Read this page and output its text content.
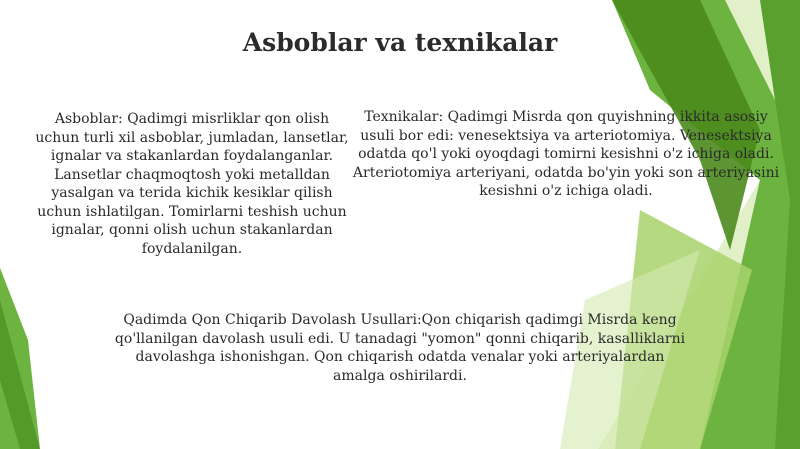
Asboblar va texnikalar
Asboblar: Qadimgi misrliklar qon olish uchun turli xil asboblar, jumladan, lansetlar, ignalar va stakanlardan foydalanganlar. Lansetlar chaqmoqtosh yoki metalldan yasalgan va terida kichik kesiklar qilish uchun ishlatilgan. Tomirlarni teshish uchun ignalar, qonni olish uchun stakanlardan foydalanilgan.
Texnikalar: Qadimgi Misrda qon quyishning ikkita asosiy usuli bor edi: venesektsiya va arteriotomiya. Venesektsiya odatda qo'l yoki oyoqdagi tomirni kesishni o'z ichiga oladi. Arteriotomiya arteriyani, odatda bo'yin yoki son arteriyasini kesishni o'z ichiga oladi.
Qadimda Qon Chiqarib Davolash Usullari:Qon chiqarish qadimgi Misrda keng qo'llanilgan davolash usuli edi. U tanadagi "yomon" qonni chiqarib, kasalliklarni davolashga ishonishgan. Qon chiqarish odatda venalar yoki arteriyalardan amalga oshirilardi.
